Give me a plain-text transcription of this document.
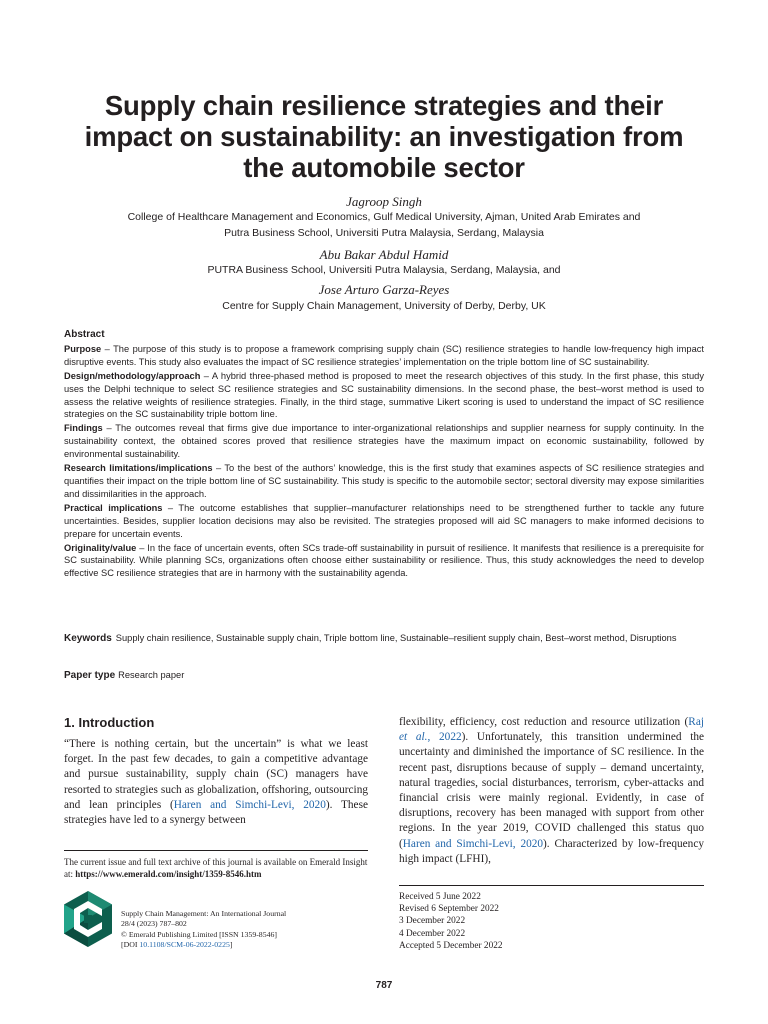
Supply chain resilience strategies and their
impact on sustainability: an investigation from
the automobile sector
Jagroop Singh
College of Healthcare Management and Economics, Gulf Medical University, Ajman, United Arab Emirates and
Putra Business School, Universiti Putra Malaysia, Serdang, Malaysia
Abu Bakar Abdul Hamid
PUTRA Business School, Universiti Putra Malaysia, Serdang, Malaysia, and
Jose Arturo Garza-Reyes
Centre for Supply Chain Management, University of Derby, Derby, UK
Abstract

Purpose – The purpose of this study is to propose a framework comprising supply chain (SC) resilience strategies to handle low-frequency high impact disruptive events. This study also evaluates the impact of SC resilience strategies’ implementation on the triple bottom line of SC sustainability.

Design/methodology/approach – A hybrid three-phased method is proposed to meet the research objectives of this study. In the first phase, this study uses the Delphi technique to select SC resilience strategies and SC sustainability dimensions. In the second phase, the best–worst method is used to assess the relative weights of resilience strategies. Finally, in the third stage, summative Likert scoring is used to understand the impact of SC resilience strategies on the SC sustainability triple bottom line.

Findings – The outcomes reveal that firms give due importance to inter-organizational relationships and supplier nearness for supply continuity. In the sustainability context, the obtained scores proved that resilience strategies have the maximum impact on economic sustainability, followed by environmental sustainability.

Research limitations/implications – To the best of the authors’ knowledge, this is the first study that examines aspects of SC resilience strategies and quantifies their impact on the triple bottom line of SC sustainability. This study is specific to the automobile sector; sectoral diversity may expose similarities and dissimilarities in the approach.

Practical implications – The outcome establishes that supplier–manufacturer relationships need to be strengthened further to tackle any future uncertainties. Besides, supplier location decisions may also be revisited. The strategies proposed will aid SC managers to make informed decisions to prepare for uncertain events.

Originality/value – In the face of uncertain events, often SCs trade-off sustainability in pursuit of resilience. It manifests that resilience is a prerequisite for SC sustainability. While planning SCs, organizations often choose either sustainability or resilience. Thus, this study acknowledges the need to develop effective SC resilience strategies that are in harmony with the sustainability agenda.

Keywords Supply chain resilience, Sustainable supply chain, Triple bottom line, Sustainable–resilient supply chain, Best–worst method, Disruptions
Paper type Research paper
1. Introduction

“There is nothing certain, but the uncertain” is what we least forget. In the past few decades, to gain a competitive advantage and pursue sustainability, supply chain (SC) managers have resorted to strategies such as globalization, offshoring, outsourcing and lean principles (Haren and Simchi-Levi, 2020). These strategies have led to a synergy between

flexibility, efficiency, cost reduction and resource utilization (Raj et al., 2022). Unfortunately, this transition undermined the uncertainty and diminished the importance of SC resilience. In the recent past, disruptions because of supply – demand uncertainty, natural tragedies, social disturbances, terrorism, cyber-attacks and financial crisis were mainly regional. Evidently, in case of disruptions, recovery has been managed with support from other regions. In the year 2019, COVID challenged this status quo (Haren and Simchi-Levi, 2020). Characterized by low-frequency high impact (LFHI),

The current issue and full text archive of this journal is available on Emerald Insight at: https://www.emerald.com/insight/1359-8546.htm
Supply Chain Management: An International Journal
28/4 (2023) 787–802
© Emerald Publishing Limited [ISSN 1359-8546]
[DOI 10.1108/SCM-06-2022-0225]
Received 5 June 2022
Revised 6 September 2022
3 December 2022
4 December 2022
Accepted 5 December 2022
787
